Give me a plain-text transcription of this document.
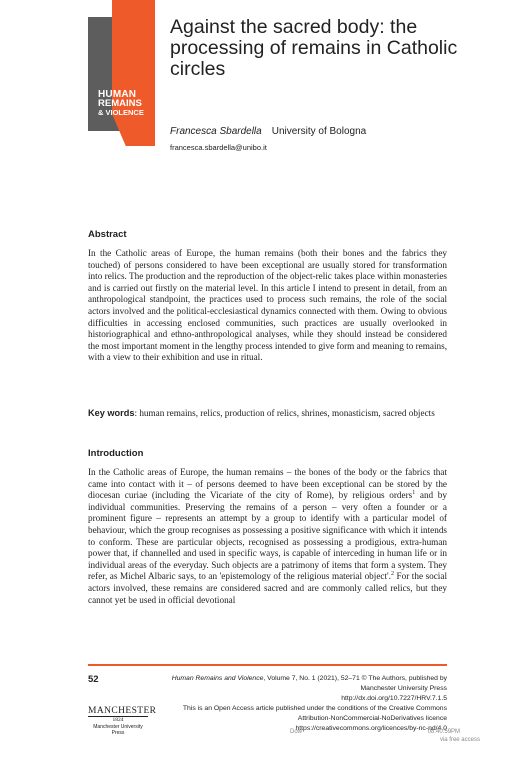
HUMAN
REMAINS
& VIOLENCE
Against the sacred body: the processing of remains in Catholic circles
Francesca Sbardella University of Bologna
francesca.sbardella@unibo.it
Abstract

In the Catholic areas of Europe, the human remains (both their bones and the fabrics they touched) of persons considered to have been exceptional are usually stored for transformation into relics. The production and the reproduction of the object-relic takes place within monasteries and is carried out firstly on the material level. In this article I intend to present in detail, from an anthropological standpoint, the practices used to process such remains, the role of the social actors involved and the political-ecclesiastical dynamics connected with them. Owing to obvious difficulties in accessing enclosed communities, such practices are usually overlooked in historiographical and ethno-anthropological analyses, while they should instead be considered the most important moment in the lengthy process intended to give form and meaning to remains, with a view to their exhibition and use in ritual.

Key words: human remains, relics, production of relics, shrines, monasticism, sacred objects
Introduction

In the Catholic areas of Europe, the human remains – the bones of the body or the fabrics that came into contact with it – of persons deemed to have been exceptional can be stored by the diocesan curiae (including the Vicariate of the city of Rome), by religious orders$^1$ and by individual communities. Preserving the remains of a person – very often a founder or a prominent figure – represents an attempt by a group to identify with a particular model of behaviour, which the group recognises as possessing a positive significance with which it intends to conform. These are particular objects, recognised as possessing a prodigious, extra-human power that, if channelled and used in specific ways, is capable of interceding in human life or in individual areas of the everyday. Such objects are a patrimony of items that form a system. They refer, as Michel Albaric says, to an 'epistemology of the religious material object'.$^2$ For the social actors involved, these remains are considered sacred and are commonly called relics, but they cannot yet be used in official devotional

52	Human Remains and Violence, Volume 7, No. 1 (2021), 52–71 © The Authors, published by
Manchester University Press
http://dx.doi.org/10.7227/HRV.7.1.5
This is an Open Access article published under the conditions of the Creative Commons
Attribution-NonCommercial-NoDerivatives licence
https://creativecommons.org/licences/by-nc-nd/4.0
MANCHESTER
1824
Manchester University Press	Dow	08:40:59PM
via free access
